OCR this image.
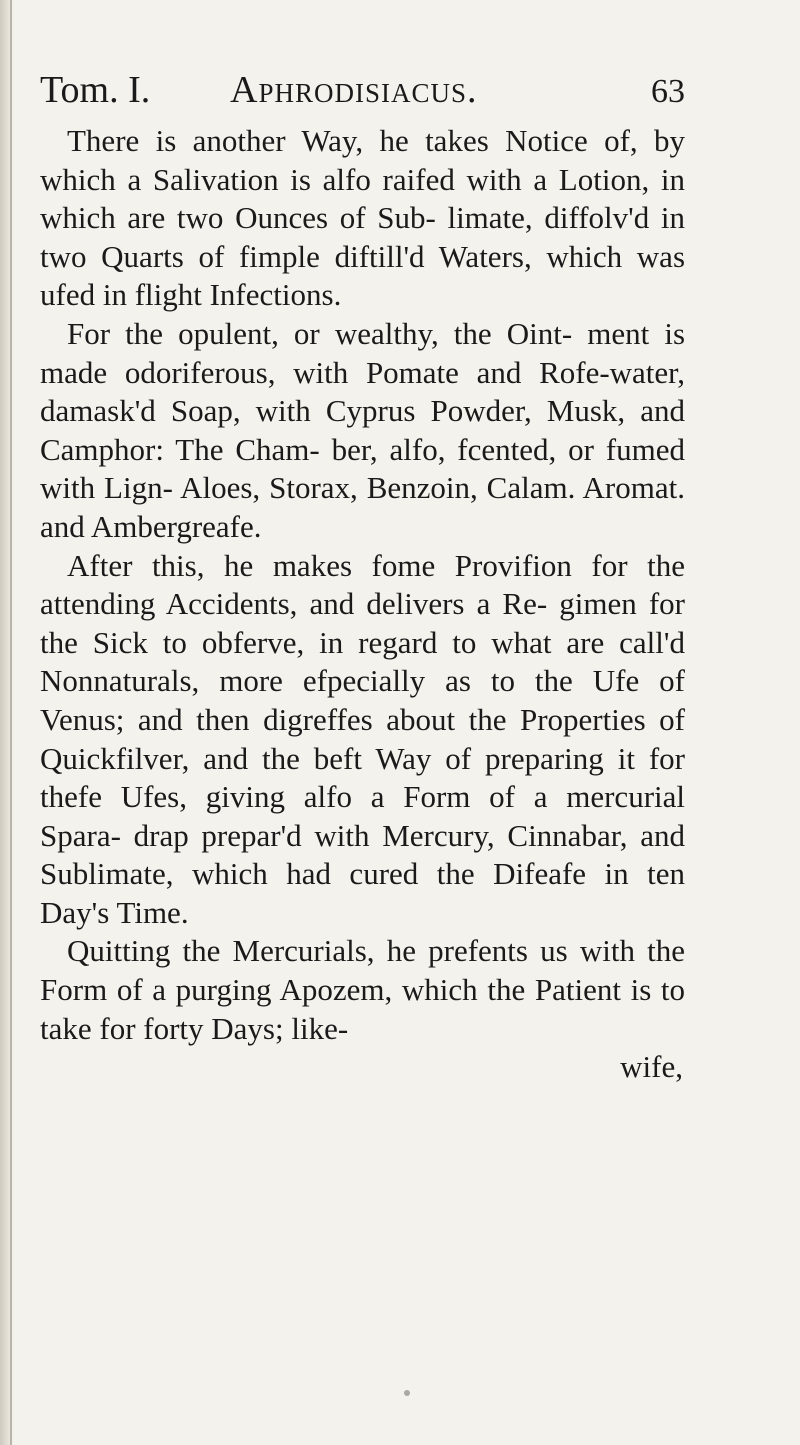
Tom. I. Aphrodisiacus.	63

There is another Way, he takes Notice of, by which a Salivation is alfo raifed with a Lotion, in which are two Ounces of Sub- limate, diffolv'd in two Quarts of fimple diftill'd Waters, which was ufed in flight Infections.

For the opulent, or wealthy, the Oint- ment is made odoriferous, with Pomate and Rofe-water, damask'd Soap, with Cyprus Powder, Musk, and Camphor: The Cham- ber, alfo, fcented, or fumed with Lign- Aloes, Storax, Benzoin, Calam. Aromat. and Ambergreafe.

After this, he makes fome Provifion for the attending Accidents, and delivers a Re- gimen for the Sick to obferve, in regard to what are call'd Nonnaturals, more efpecially as to the Ufe of Venus; and then digreffes about the Properties of Quickfilver, and the beft Way of preparing it for thefe Ufes, giving alfo a Form of a mercurial Spara- drap prepar'd with Mercury, Cinnabar, and Sublimate, which had cured the Difeafe in ten Day's Time.

Quitting the Mercurials, he prefents us with the Form of a purging Apozem, which the Patient is to take for forty Days; like-

wife,
